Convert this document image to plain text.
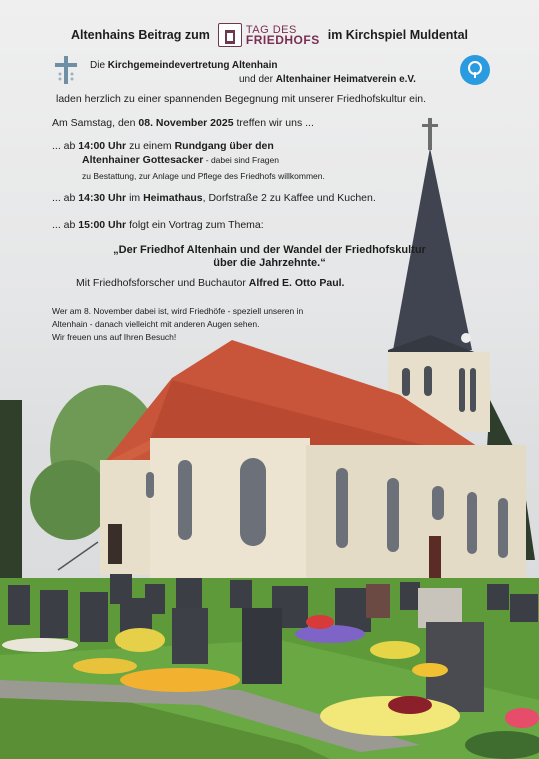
Altenhains Beitrag zum	TAG DES
FRIEDHOFS im Kirchspiel Muldental
Die Kirchgemeindevertretung Altenhain
und der Altenhainer Heimatverein e.V.
laden herzlich zu einer spannenden Begegnung mit unserer Friedhofskultur ein.
Am Samstag, den 08. November 2025 treffen wir uns ...
... ab 14:00 Uhr zu einem Rundgang über den
Altenhainer Gottesacker - dabei sind Fragen
zu Bestattung, zur Anlage und Pflege des Friedhofs willkommen.
... ab 14:30 Uhr im Heimathaus, Dorfstraße 2 zu Kaffee und Kuchen.
... ab 15:00 Uhr folgt ein Vortrag zum Thema:
„Der Friedhof Altenhain und der Wandel der Friedhofskultur
über die Jahrzehnte.“
Mit Friedhofsforscher und Buchautor Alfred E. Otto Paul.
Wer am 8. November dabei ist, wird Friedhöfe - speziell unseren in
Altenhain - danach vielleicht mit anderen Augen sehen.
Wir freuen uns auf Ihren Besuch!
